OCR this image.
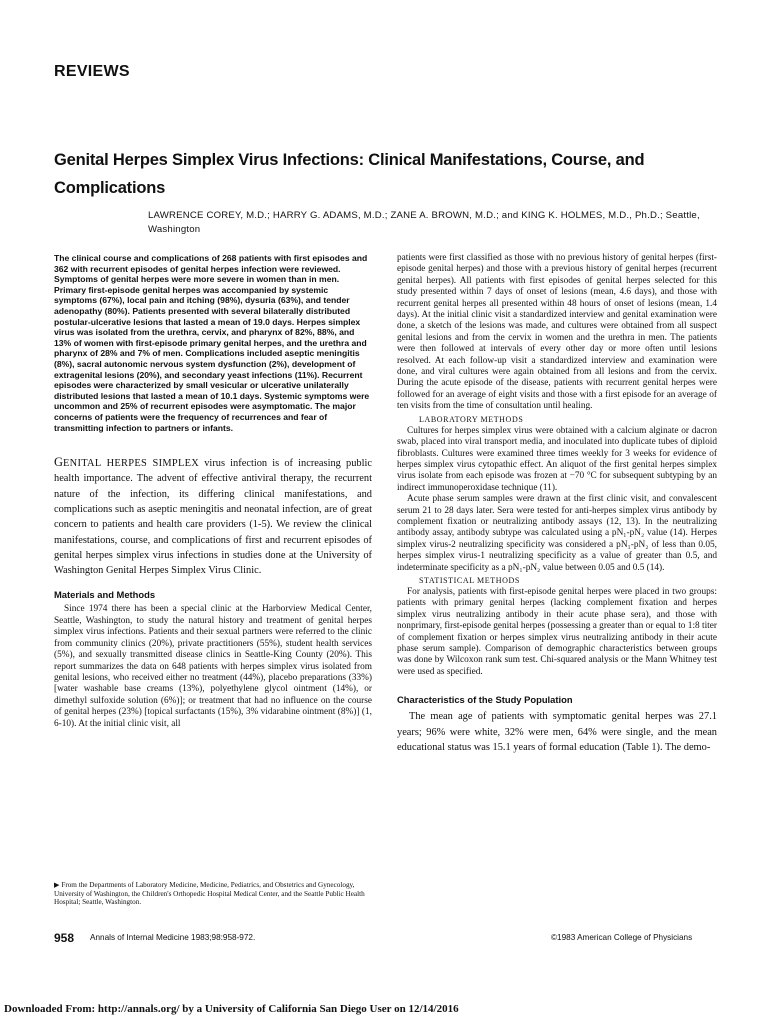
REVIEWS
Genital Herpes Simplex Virus Infections: Clinical Manifestations, Course, and Complications
LAWRENCE COREY, M.D.; HARRY G. ADAMS, M.D.; ZANE A. BROWN, M.D.; and KING K. HOLMES, M.D., Ph.D.; Seattle, Washington

The clinical course and complications of 268 patients with first episodes and 362 with recurrent episodes of genital herpes infection were reviewed. Symptoms of genital herpes were more severe in women than in men. Primary first-episode genital herpes was accompanied by systemic symptoms (67%), local pain and itching (98%), dysuria (63%), and tender adenopathy (80%). Patients presented with several bilaterally distributed postular-ulcerative lesions that lasted a mean of 19.0 days. Herpes simplex virus was isolated from the urethra, cervix, and pharynx of 82%, 88%, and 13% of women with first-episode primary genital herpes, and the urethra and pharynx of 28% and 7% of men. Complications included aseptic meningitis (8%), sacral autonomic nervous system dysfunction (2%), development of extragenital lesions (20%), and secondary yeast infections (11%). Recurrent episodes were characterized by small vesicular or ulcerative unilaterally distributed lesions that lasted a mean of 10.1 days. Systemic symptoms were uncommon and 25% of recurrent episodes were asymptomatic. The major concerns of patients were the frequency of recurrences and fear of transmitting infection to partners or infants.

GENITAL HERPES SIMPLEX virus infection is of increasing public health importance. The advent of effective antiviral therapy, the recurrent nature of the infection, its differing clinical manifestations, and complications such as aseptic meningitis and neonatal infection, are of great concern to patients and health care providers (1-5). We review the clinical manifestations, course, and complications of first and recurrent episodes of genital herpes simplex virus infections in studies done at the University of Washington Genital Herpes Simplex Virus Clinic.

Materials and Methods

Since 1974 there has been a special clinic at the Harborview Medical Center, Seattle, Washington, to study the natural history and treatment of genital herpes simplex virus infections. Patients and their sexual partners were referred to the clinic from community clinics (20%), private practitioners (55%), student health services (5%), and sexually transmitted disease clinics in Seattle-King County (20%). This report summarizes the data on 648 patients with herpes simplex virus isolated from genital lesions, who received either no treatment (44%), placebo preparations (33%) [water washable base creams (13%), polyethylene glycol ointment (14%), or dimethyl sulfoxide solution (6%)]; or treatment that had no influence on the course of genital herpes (23%) [topical surfactants (15%), 3% vidarabine ointment (8%)] (1, 6-10). At the initial clinic visit, all

▶ From the Departments of Laboratory Medicine, Medicine, Pediatrics, and Obstetrics and Gynecology, University of Washington, the Children's Orthopedic Hospital Medical Center, and the Seattle Public Health Hospital; Seattle, Washington.

patients were first classified as those with no previous history of genital herpes (first-episode genital herpes) and those with a previous history of genital herpes (recurrent genital herpes). All patients with first episodes of genital herpes selected for this study presented within 7 days of onset of lesions (mean, 4.6 days), and those with recurrent genital herpes all presented within 48 hours of onset of lesions (mean, 1.4 days). At the initial clinic visit a standardized interview and genital examination were done, a sketch of the lesions was made, and cultures were obtained from all suspect genital lesions and from the cervix in women and the urethra in men. The patients were then followed at intervals of every other day or more often until lesions resolved. At each follow-up visit a standardized interview and examination were done, and viral cultures were again obtained from all lesions and from the cervix. During the acute episode of the disease, patients with recurrent genital herpes were followed for an average of eight visits and those with a first episode for an average of ten visits from the time of consultation until healing.

LABORATORY METHODS

Cultures for herpes simplex virus were obtained with a calcium alginate or dacron swab, placed into viral transport media, and inoculated into duplicate tubes of diploid fibroblasts. Cultures were examined three times weekly for 3 weeks for evidence of herpes simplex virus cytopathic effect. An aliquot of the first genital herpes simplex virus isolate from each episode was frozen at −70 °C for subsequent subtyping by an indirect immunoperoxidase technique (11).

Acute phase serum samples were drawn at the first clinic visit, and convalescent serum 21 to 28 days later. Sera were tested for anti-herpes simplex virus antibody by complement fixation or neutralizing antibody assays (12, 13). In the neutralizing antibody assay, antibody subtype was calculated using a pN₁-pN₂ value (14). Herpes simplex virus-2 neutralizing specificity was considered a pN₁-pN₂ of less than 0.05, herpes simplex virus-1 neutralizing specificity as a value of greater than 0.5, and indeterminate specificity as a pN₁-pN₂ value between 0.05 and 0.5 (14).

STATISTICAL METHODS

For analysis, patients with first-episode genital herpes were placed in two groups: patients with primary genital herpes (lacking complement fixation and herpes simplex virus neutralizing antibody in their acute phase sera), and those with nonprimary, first-episode genital herpes (possessing a greater than or equal to 1:8 titer of complement fixation or herpes simplex virus neutralizing antibody in their acute phase serum sample). Comparison of demographic characteristics between groups was done by Wilcoxon rank sum test. Chi-squared analysis or the Mann Whitney test were used as specified.

Characteristics of the Study Population

The mean age of patients with symptomatic genital herpes was 27.1 years; 96% were white, 32% were men, 64% were single, and the mean educational status was 15.1 years of formal education (Table 1). The demo-

958 Annals of Internal Medicine 1983;98:958-972.	©1983 American College of Physicians
Downloaded From: http://annals.org/ by a University of California San Diego User on 12/14/2016
